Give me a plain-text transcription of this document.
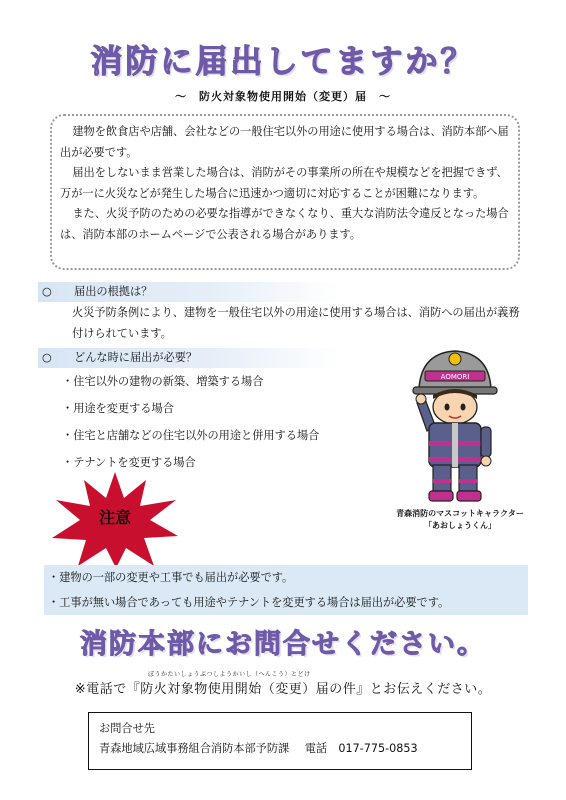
消防に届出してますか？
～　防火対象物使用開始（変更）届　～

建物を飲食店や店舗、会社などの一般住宅以外の用途に使用する場合は、消防本部へ届出が必要です。

届出をしないまま営業した場合は、消防がその事業所の所在や規模などを把握できず、万が一に火災などが発生した場合に迅速かつ適切に対応することが困難になります。

また、火災予防のための必要な指導ができなくなり、重大な消防法令違反となった場合は、消防本部のホームページで公表される場合があります。

○ 届出の根拠は？
火災予防条例により、建物を一般住宅以外の用途に使用する場合は、消防への届出が義務付けられています。
○ どんな時に届出が必要？
・住宅以外の建物の新築、増築する場合
・用途を変更する場合
・住宅と店舗などの住宅以外の用途と併用する場合
・テナントを変更する場合
注意
AOMORI
青森消防のマスコットキャラクター
「あおしょうくん」
・建物の一部の変更や工事でも届出が必要です。
・工事が無い場合であっても用途やテナントを変更する場合は届出が必要です。
消防本部にお問合せください。
ぼうかたいしょうぶつしようかいし（へんこう）とどけ
※電話で『防火対象物使用開始（変更）届の件』とお伝えください。
お問合せ先
青森地域広域事務組合消防本部予防課 電話　017-775-0853
